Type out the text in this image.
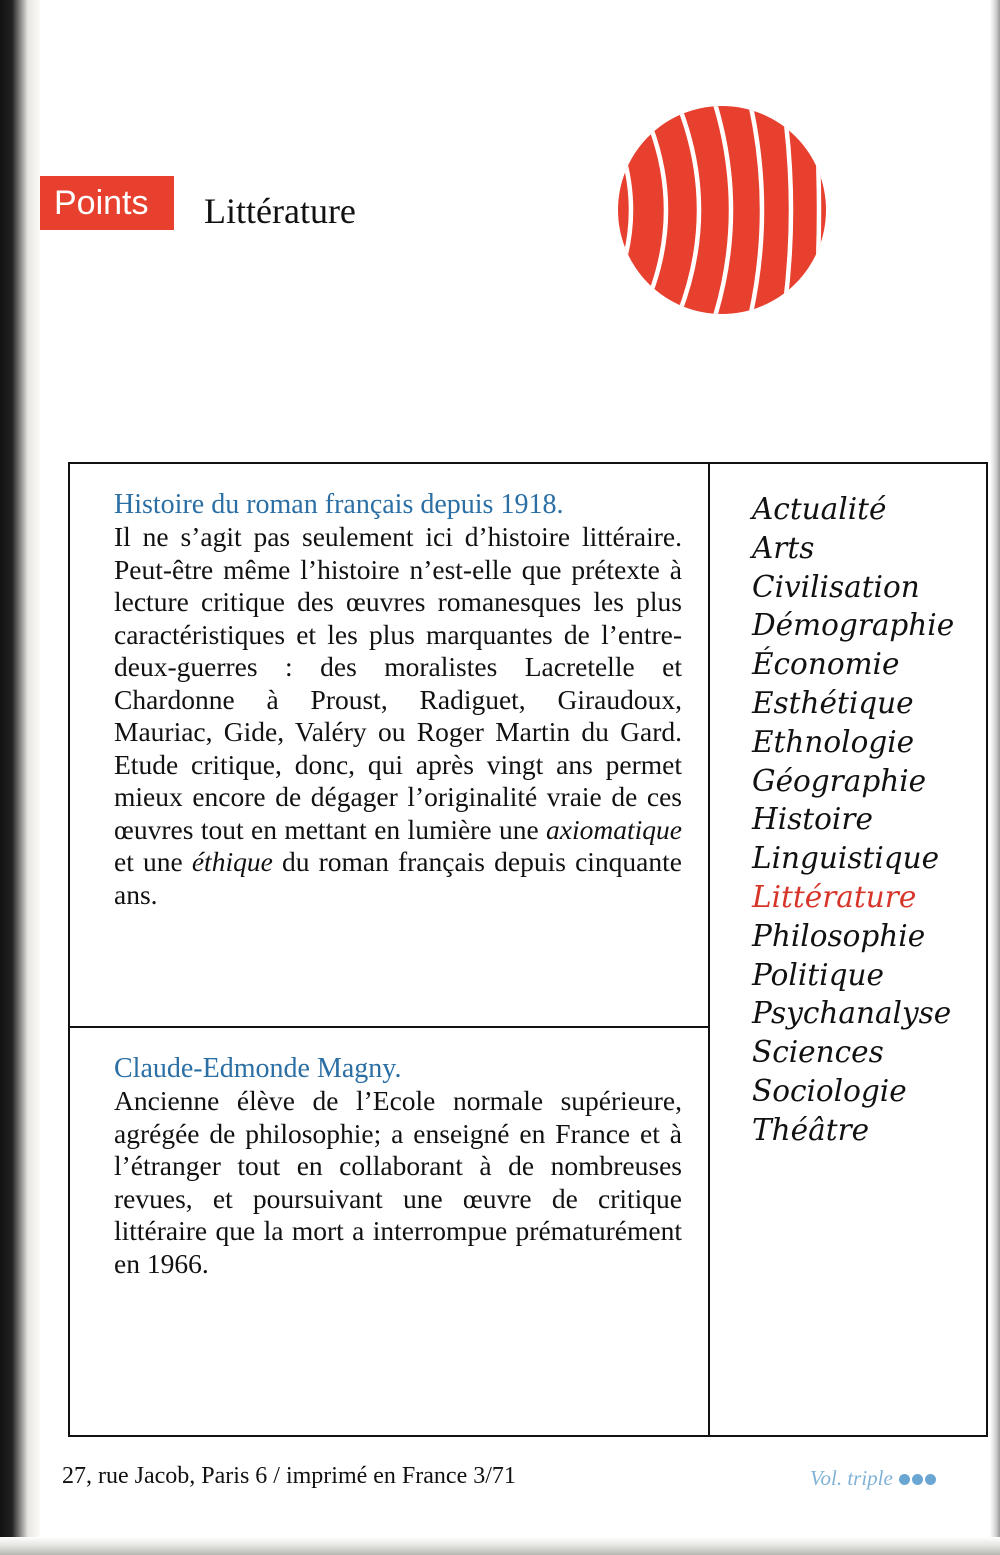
Points	Littérature

Histoire du roman français depuis 1918.

Il ne s’agit pas seulement ici d’histoire littéraire. Peut-être même l’histoire n’est-elle que prétexte à lecture critique des œuvres romanesques les plus caractéristiques et les plus marquantes de l’entre-deux-guerres : des moralistes Lacretelle et Chardonne à Proust, Radiguet, Giraudoux, Mauriac, Gide, Valéry ou Roger Martin du Gard. Etude critique, donc, qui après vingt ans permet mieux encore de dégager l’originalité vraie de ces œuvres tout en mettant en lumière une axiomatique et une éthique du roman français depuis cinquante ans.

Claude-Edmonde Magny.

Ancienne élève de l’Ecole normale supérieure, agrégée de philosophie; a enseigné en France et à l’étranger tout en collaborant à de nombreuses revues, et poursuivant une œuvre de critique littéraire que la mort a interrompue prématurément en 1966.

Actualité
Arts
Civilisation
Démographie
Économie
Esthétique
Ethnologie
Géographie
Histoire
Linguistique
Littérature
Philosophie
Politique
Psychanalyse
Sciences
Sociologie
Théâtre
27, rue Jacob, Paris 6 / imprimé en France 3/71	Vol. triple
